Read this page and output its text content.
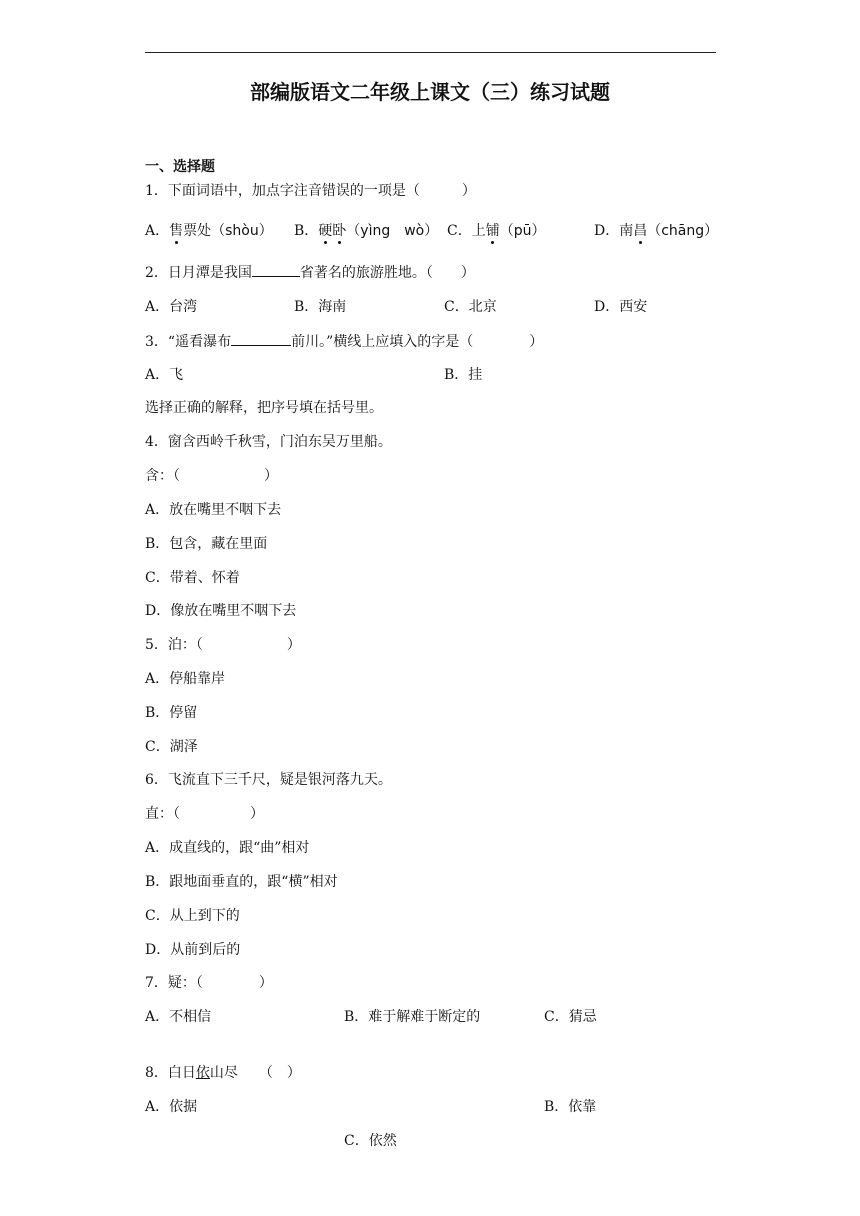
部编版语文二年级上课文（三）练习试题
一、选择题
1．下面词语中，加点字注音错误的一项是（　　　）
A．售票处（shòu） B．硬卧（yìng　wò） C．上铺（pū）	D．南昌（chāng）
2．日月潭是我国	省著名的旅游胜地。（　　）
A．台湾	B．海南	C．北京	D．西安
3．“遥看瀑布	前川。”横线上应填入的字是（　　　　）
A．飞	B．挂
选择正确的解释，把序号填在括号里。
4．窗含西岭千秋雪，门泊东吴万里船。
含：（　　　　　　）
A．放在嘴里不咽下去
B．包含，藏在里面
C．带着、怀着
D．像放在嘴里不咽下去
5．泊：（　　　　　　）
A．停船靠岸
B．停留
C．湖泽
6．飞流直下三千尺，疑是银河落九天。
直：（　　　　　）
A．成直线的，跟“曲”相对
B．跟地面垂直的，跟“横”相对
C．从上到下的
D．从前到后的
7．疑：（　　　　）
A．不相信	B．难于解难于断定的	C．猜忌
8．白日依山尽　　（　）
A．依据	B．依靠
C．依然
